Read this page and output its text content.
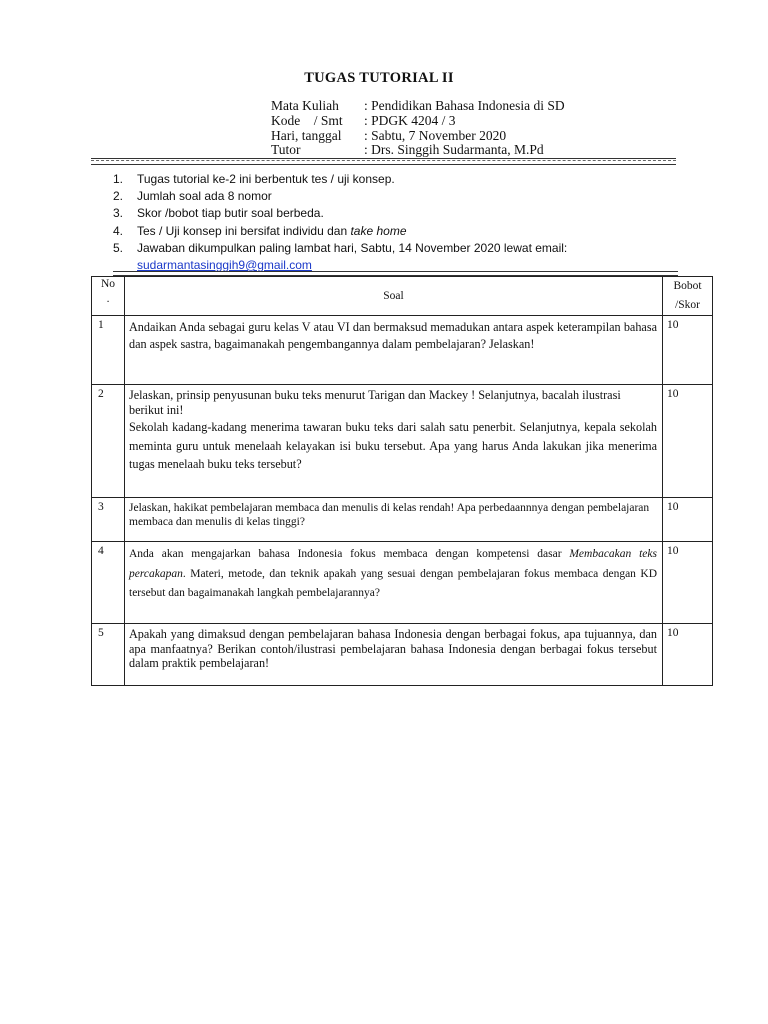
TUGAS TUTORIAL II
Mata Kuliah	: Pendidikan Bahasa Indonesia di SD
Kode    / Smt	: PDGK 4204 / 3
Hari, tanggal	: Sabtu, 7 November 2020
Tutor	: Drs. Singgih Sudarmanta, M.Pd
1.	Tugas tutorial ke-2 ini berbentuk tes / uji konsep.
2.	Jumlah soal ada 8 nomor
3.	Skor /bobot tiap butir soal berbeda.
4.	Tes / Uji konsep ini bersifat individu dan take home
5.	Jawaban dikumpulkan paling lambat hari, Sabtu, 14 November 2020 lewat email:
sudarmantasinggih9@gmail.com
No
.	Soal	Bobot
/Skor
1	Andaikan Anda sebagai guru kelas V atau VI dan bermaksud memadukan antara aspek keterampilan bahasa dan aspek sastra, bagaimanakah pengembangannya dalam pembelajaran? Jelaskan!	10
2	Jelaskan, prinsip penyusunan buku teks menurut Tarigan dan Mackey ! Selanjutnya, bacalah ilustrasi berikut ini!
Sekolah kadang-kadang menerima tawaran buku teks dari salah satu penerbit. Selanjutnya, kepala sekolah meminta guru untuk menelaah kelayakan isi buku tersebut. Apa yang harus Anda lakukan jika menerima tugas menelaah buku teks tersebut?	10
3	Jelaskan, hakikat pembelajaran membaca dan menulis di kelas rendah! Apa perbedaannnya dengan pembelajaran membaca dan menulis di kelas tinggi?	10
4	Anda akan mengajarkan bahasa Indonesia fokus membaca dengan kompetensi dasar Membacakan teks percakapan. Materi, metode, dan teknik apakah yang sesuai dengan pembelajaran fokus membaca dengan KD tersebut dan bagaimanakah langkah pembelajarannya?	10
5	Apakah yang dimaksud dengan pembelajaran bahasa Indonesia dengan berbagai fokus, apa tujuannya, dan apa manfaatnya? Berikan contoh/ilustrasi pembelajaran bahasa Indonesia dengan berbagai fokus tersebut dalam praktik pembelajaran!	10
